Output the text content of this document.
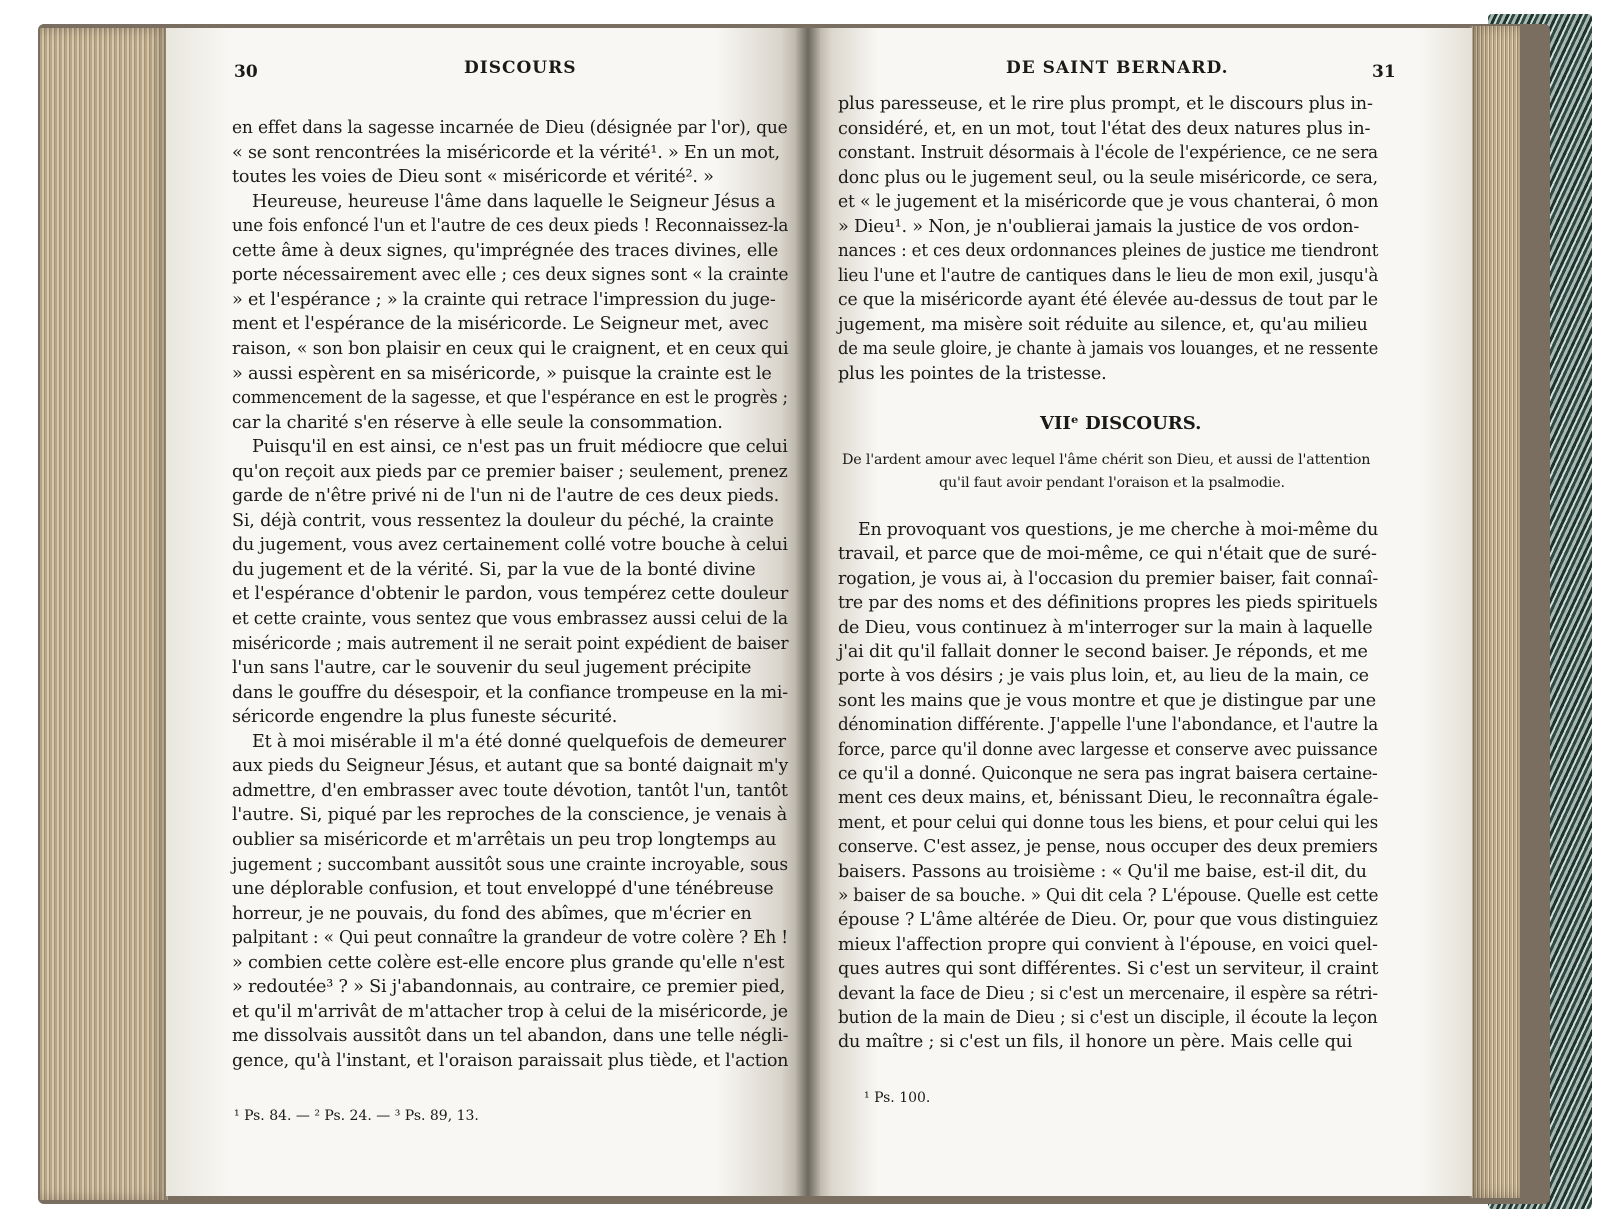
30	DISCOURS
en effet dans la sagesse incarnée de Dieu (désignée par l'or), que
« se sont rencontrées la miséricorde et la vérité¹. » En un mot,
toutes les voies de Dieu sont « miséricorde et vérité². »
Heureuse, heureuse l'âme dans laquelle le Seigneur Jésus a
une fois enfoncé l'un et l'autre de ces deux pieds ! Reconnaissez-la
cette âme à deux signes, qu'imprégnée des traces divines, elle
porte nécessairement avec elle ; ces deux signes sont « la crainte
» et l'espérance ; » la crainte qui retrace l'impression du juge-
ment et l'espérance de la miséricorde. Le Seigneur met, avec
raison, « son bon plaisir en ceux qui le craignent, et en ceux qui
» aussi espèrent en sa miséricorde, » puisque la crainte est le
commencement de la sagesse, et que l'espérance en est le progrès ;
car la charité s'en réserve à elle seule la consommation.
Puisqu'il en est ainsi, ce n'est pas un fruit médiocre que celui
qu'on reçoit aux pieds par ce premier baiser ; seulement, prenez
garde de n'être privé ni de l'un ni de l'autre de ces deux pieds.
Si, déjà contrit, vous ressentez la douleur du péché, la crainte
du jugement, vous avez certainement collé votre bouche à celui
du jugement et de la vérité. Si, par la vue de la bonté divine
et l'espérance d'obtenir le pardon, vous tempérez cette douleur
et cette crainte, vous sentez que vous embrassez aussi celui de la
miséricorde ; mais autrement il ne serait point expédient de baiser
l'un sans l'autre, car le souvenir du seul jugement précipite
dans le gouffre du désespoir, et la confiance trompeuse en la mi-
séricorde engendre la plus funeste sécurité.
Et à moi misérable il m'a été donné quelquefois de demeurer
aux pieds du Seigneur Jésus, et autant que sa bonté daignait m'y
admettre, d'en embrasser avec toute dévotion, tantôt l'un, tantôt
l'autre. Si, piqué par les reproches de la conscience, je venais à
oublier sa miséricorde et m'arrêtais un peu trop longtemps au
jugement ; succombant aussitôt sous une crainte incroyable, sous
une déplorable confusion, et tout enveloppé d'une ténébreuse
horreur, je ne pouvais, du fond des abîmes, que m'écrier en
palpitant : « Qui peut connaître la grandeur de votre colère ? Eh !
» combien cette colère est-elle encore plus grande qu'elle n'est
» redoutée³ ? » Si j'abandonnais, au contraire, ce premier pied,
et qu'il m'arrivât de m'attacher trop à celui de la miséricorde, je
me dissolvais aussitôt dans un tel abandon, dans une telle négli-
gence, qu'à l'instant, et l'oraison paraissait plus tiède, et l'action
¹ Ps. 84. — ² Ps. 24. — ³ Ps. 89, 13.
DE SAINT BERNARD.	31
plus paresseuse, et le rire plus prompt, et le discours plus in-
considéré, et, en un mot, tout l'état des deux natures plus in-
constant. Instruit désormais à l'école de l'expérience, ce ne sera
donc plus ou le jugement seul, ou la seule miséricorde, ce sera,
et « le jugement et la miséricorde que je vous chanterai, ô mon
» Dieu¹. » Non, je n'oublierai jamais la justice de vos ordon-
nances : et ces deux ordonnances pleines de justice me tiendront
lieu l'une et l'autre de cantiques dans le lieu de mon exil, jusqu'à
ce que la miséricorde ayant été élevée au-dessus de tout par le
jugement, ma misère soit réduite au silence, et, qu'au milieu
de ma seule gloire, je chante à jamais vos louanges, et ne ressente
plus les pointes de la tristesse.
VIIᵉ DISCOURS.
De l'ardent amour avec lequel l'âme chérit son Dieu, et aussi de l'attention
qu'il faut avoir pendant l'oraison et la psalmodie.
En provoquant vos questions, je me cherche à moi-même du
travail, et parce que de moi-même, ce qui n'était que de suré-
rogation, je vous ai, à l'occasion du premier baiser, fait connaî-
tre par des noms et des définitions propres les pieds spirituels
de Dieu, vous continuez à m'interroger sur la main à laquelle
j'ai dit qu'il fallait donner le second baiser. Je réponds, et me
porte à vos désirs ; je vais plus loin, et, au lieu de la main, ce
sont les mains que je vous montre et que je distingue par une
dénomination différente. J'appelle l'une l'abondance, et l'autre la
force, parce qu'il donne avec largesse et conserve avec puissance
ce qu'il a donné. Quiconque ne sera pas ingrat baisera certaine-
ment ces deux mains, et, bénissant Dieu, le reconnaîtra égale-
ment, et pour celui qui donne tous les biens, et pour celui qui les
conserve. C'est assez, je pense, nous occuper des deux premiers
baisers. Passons au troisième : « Qu'il me baise, est-il dit, du
» baiser de sa bouche. » Qui dit cela ? L'épouse. Quelle est cette
épouse ? L'âme altérée de Dieu. Or, pour que vous distinguiez
mieux l'affection propre qui convient à l'épouse, en voici quel-
ques autres qui sont différentes. Si c'est un serviteur, il craint
devant la face de Dieu ; si c'est un mercenaire, il espère sa rétri-
bution de la main de Dieu ; si c'est un disciple, il écoute la leçon
du maître ; si c'est un fils, il honore un père. Mais celle qui
¹ Ps. 100.
